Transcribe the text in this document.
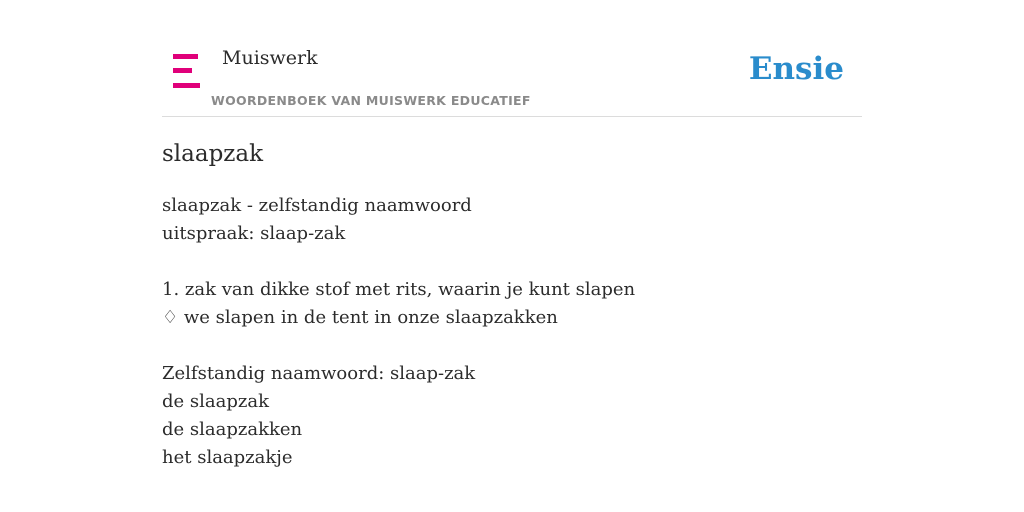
Muiswerk
WOORDENBOEK VAN MUISWERK EDUCATIEF
Ensie
slaapzak
slaapzak - zelfstandig naamwoord
uitspraak: slaap-zak
1. zak van dikke stof met rits, waarin je kunt slapen
♢ we slapen in de tent in onze slaapzakken
Zelfstandig naamwoord: slaap-zak
de slaapzak
de slaapzakken
het slaapzakje
